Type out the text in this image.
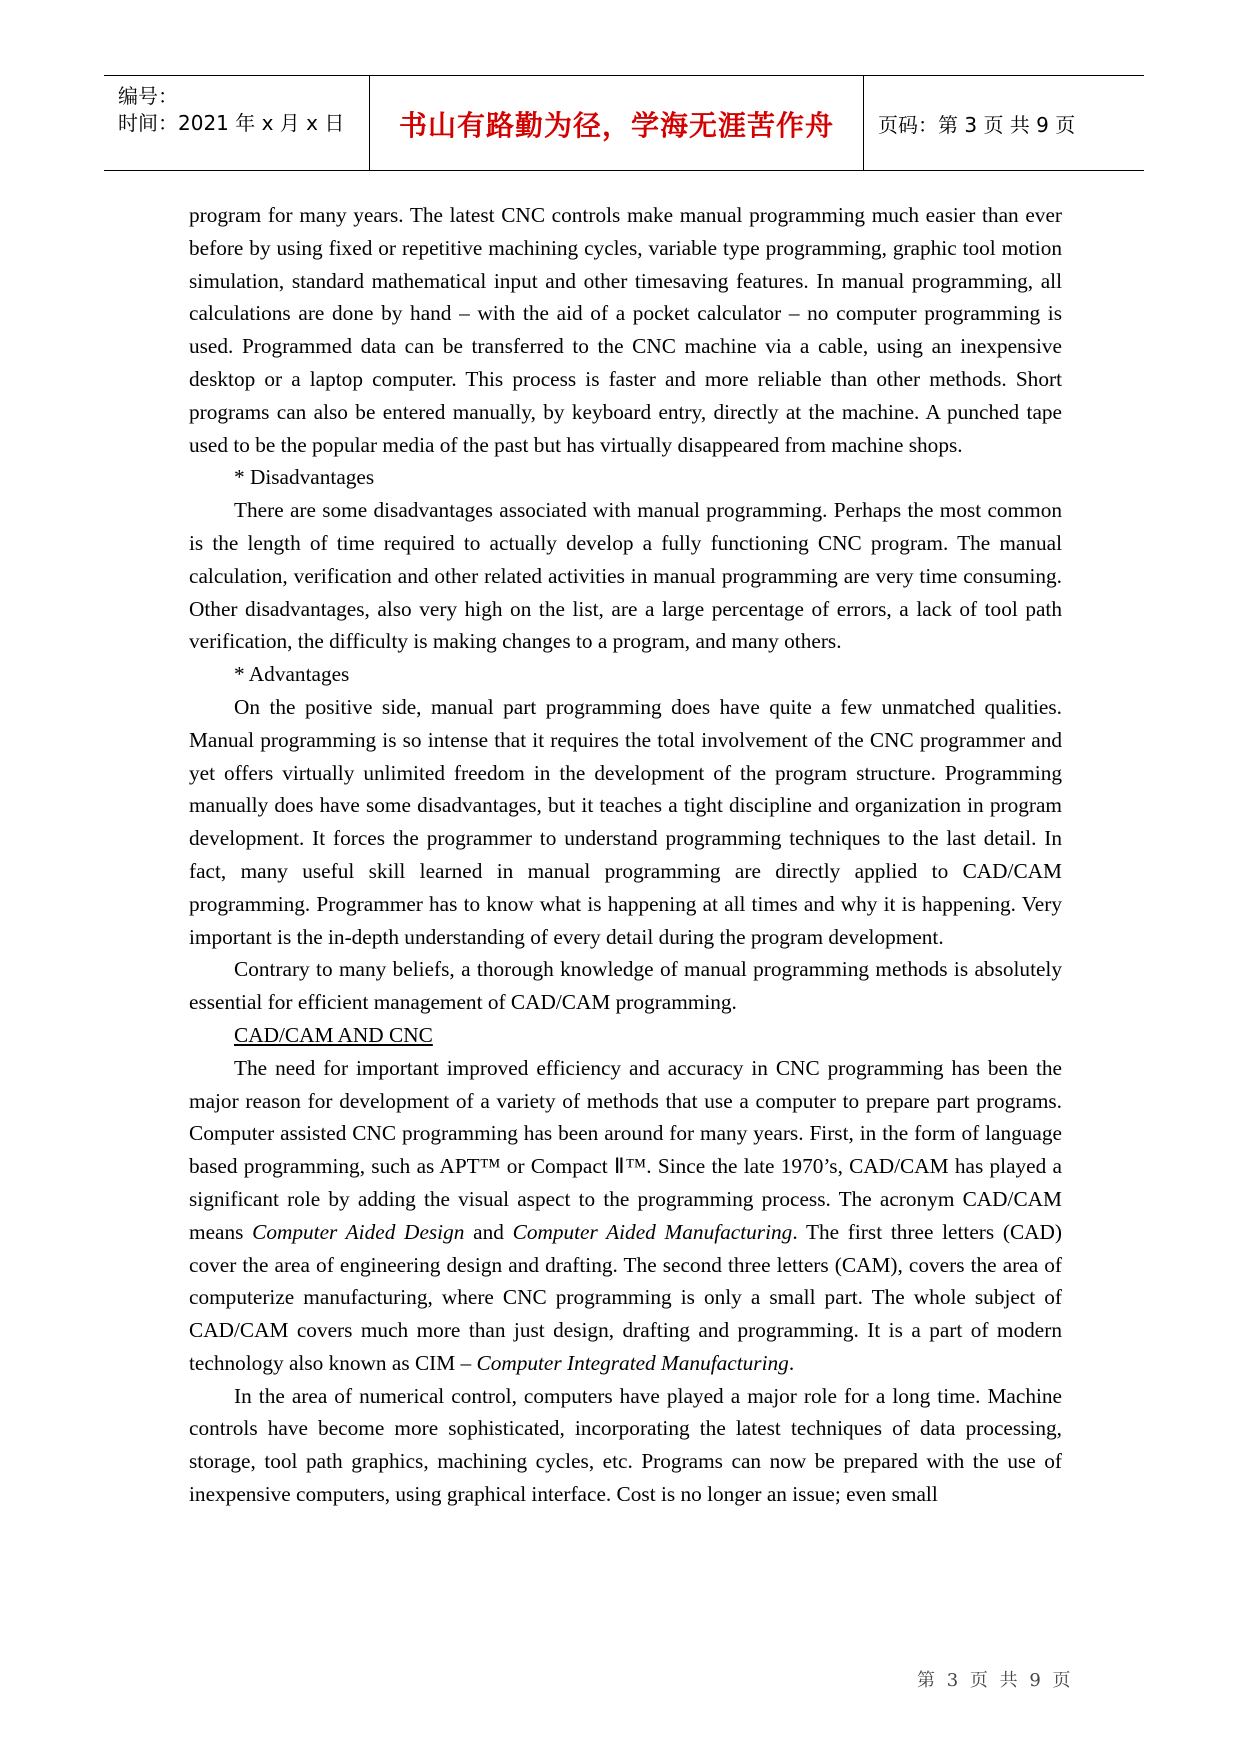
编号：
时间：2021 年 x 月 x 日	书山有路勤为径，学海无涯苦作舟	页码：第 3 页 共 9 页

program for many years. The latest CNC controls make manual programming much easier than ever before by using fixed or repetitive machining cycles, variable type programming, graphic tool motion simulation, standard mathematical input and other timesaving features. In manual programming, all calculations are done by hand – with the aid of a pocket calculator – no computer programming is used. Programmed data can be transferred to the CNC machine via a cable, using an inexpensive desktop or a laptop computer. This process is faster and more reliable than other methods. Short programs can also be entered manually, by keyboard entry, directly at the machine. A punched tape used to be the popular media of the past but has virtually disappeared from machine shops.

* Disadvantages

There are some disadvantages associated with manual programming. Perhaps the most common is the length of time required to actually develop a fully functioning CNC program. The manual calculation, verification and other related activities in manual programming are very time consuming. Other disadvantages, also very high on the list, are a large percentage of errors, a lack of tool path verification, the difficulty is making changes to a program, and many others.

* Advantages

On the positive side, manual part programming does have quite a few unmatched qualities. Manual programming is so intense that it requires the total involvement of the CNC programmer and yet offers virtually unlimited freedom in the development of the program structure. Programming manually does have some disadvantages, but it teaches a tight discipline and organization in program development. It forces the programmer to understand programming techniques to the last detail. In fact, many useful skill learned in manual programming are directly applied to CAD/CAM programming. Programmer has to know what is happening at all times and why it is happening. Very important is the in-depth understanding of every detail during the program development.

Contrary to many beliefs, a thorough knowledge of manual programming methods is absolutely essential for efficient management of CAD/CAM programming.

CAD/CAM AND CNC

The need for important improved efficiency and accuracy in CNC programming has been the major reason for development of a variety of methods that use a computer to prepare part programs. Computer assisted CNC programming has been around for many years. First, in the form of language based programming, such as APT™ or Compact Ⅱ™. Since the late 1970’s, CAD/CAM has played a significant role by adding the visual aspect to the programming process. The acronym CAD/CAM means Computer Aided Design and Computer Aided Manufacturing. The first three letters (CAD) cover the area of engineering design and drafting. The second three letters (CAM), covers the area of computerize manufacturing, where CNC programming is only a small part. The whole subject of CAD/CAM covers much more than just design, drafting and programming. It is a part of modern technology also known as CIM – Computer Integrated Manufacturing.

In the area of numerical control, computers have played a major role for a long time. Machine controls have become more sophisticated, incorporating the latest techniques of data processing, storage, tool path graphics, machining cycles, etc. Programs can now be prepared with the use of inexpensive computers, using graphical interface. Cost is no longer an issue; even small

第 3 页 共 9 页
